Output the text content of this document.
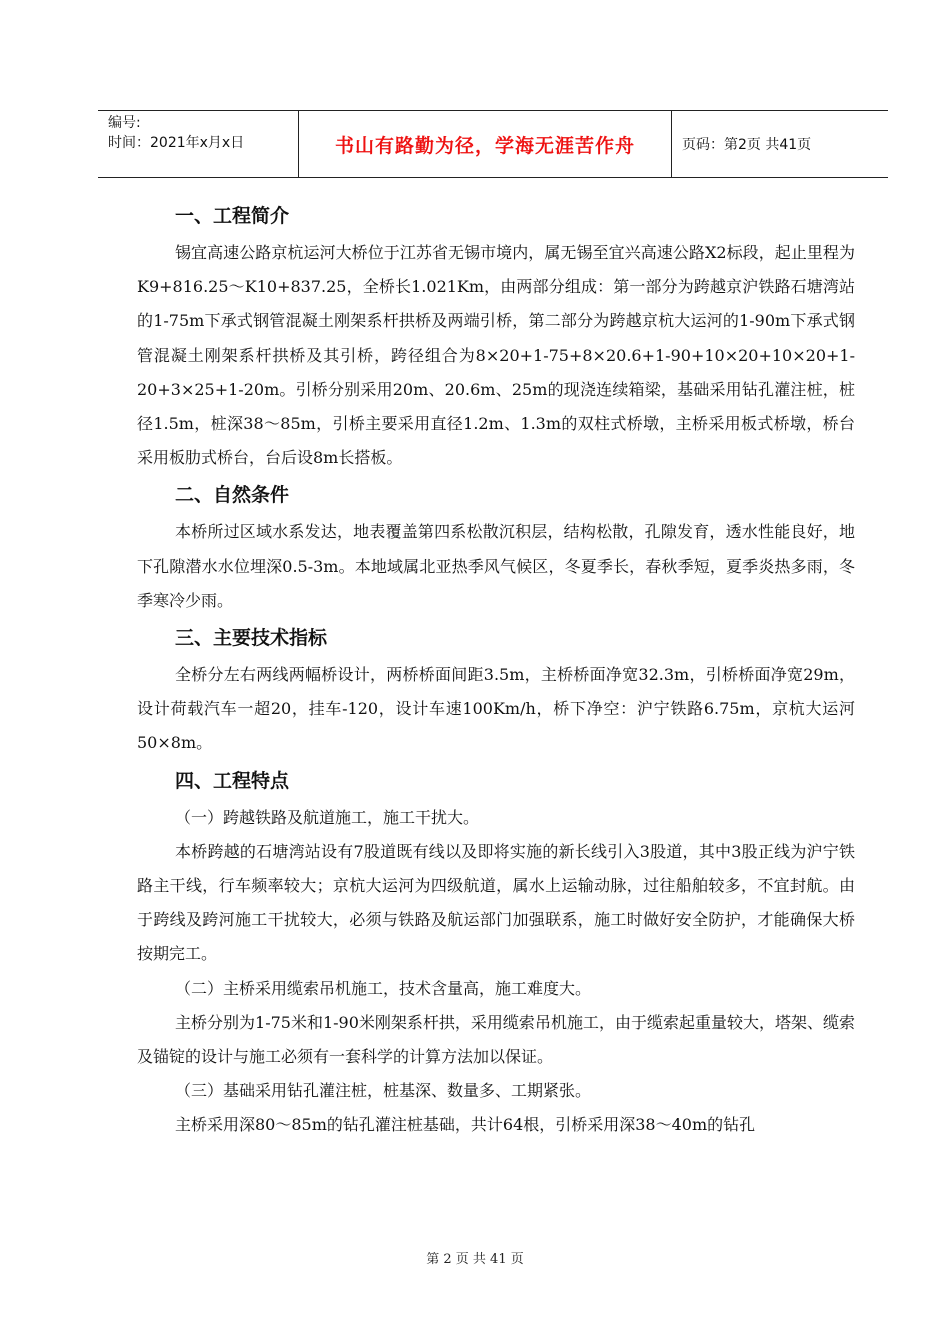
编号:
时间：2021年x月x日	书山有路勤为径，学海无涯苦作舟	页码：第2页 共41页
一、工程简介

锡宜高速公路京杭运河大桥位于江苏省无锡市境内，属无锡至宜兴高速公路X2标段，起止里程为K9+816.25～K10+837.25，全桥长1.021Km，由两部分组成：第一部分为跨越京沪铁路石塘湾站的1-75m下承式钢管混凝土刚架系杆拱桥及两端引桥，第二部分为跨越京杭大运河的1-90m下承式钢管混凝土刚架系杆拱桥及其引桥，跨径组合为8×20+1-75+8×20.6+1-90+10×20+10×20+1-20+3×25+1-20m。引桥分别采用20m、20.6m、25m的现浇连续箱梁，基础采用钻孔灌注桩，桩径1.5m，桩深38～85m，引桥主要采用直径1.2m、1.3m的双柱式桥墩，主桥采用板式桥墩，桥台采用板肋式桥台，台后设8m长搭板。

二、自然条件

本桥所过区域水系发达，地表覆盖第四系松散沉积层，结构松散，孔隙发育，透水性能良好，地下孔隙潜水水位埋深0.5-3m。本地域属北亚热季风气候区，冬夏季长，春秋季短，夏季炎热多雨，冬季寒冷少雨。

三、主要技术指标

全桥分左右两线两幅桥设计，两桥桥面间距3.5m，主桥桥面净宽32.3m，引桥桥面净宽29m，设计荷载汽车一超20，挂车-120，设计车速100Km/h，桥下净空：沪宁铁路6.75m，京杭大运河50×8m。

四、工程特点

（一）跨越铁路及航道施工，施工干扰大。

本桥跨越的石塘湾站设有7股道既有线以及即将实施的新长线引入3股道，其中3股正线为沪宁铁路主干线，行车频率较大；京杭大运河为四级航道，属水上运输动脉，过往船舶较多，不宜封航。由于跨线及跨河施工干扰较大，必须与铁路及航运部门加强联系，施工时做好安全防护，才能确保大桥按期完工。

（二）主桥采用缆索吊机施工，技术含量高，施工难度大。

主桥分别为1-75米和1-90米刚架系杆拱，采用缆索吊机施工，由于缆索起重量较大，塔架、缆索及锚锭的设计与施工必须有一套科学的计算方法加以保证。

（三）基础采用钻孔灌注桩，桩基深、数量多、工期紧张。

主桥采用深80～85m的钻孔灌注桩基础，共计64根，引桥采用深38～40m的钻孔

第 2 页 共 41 页
